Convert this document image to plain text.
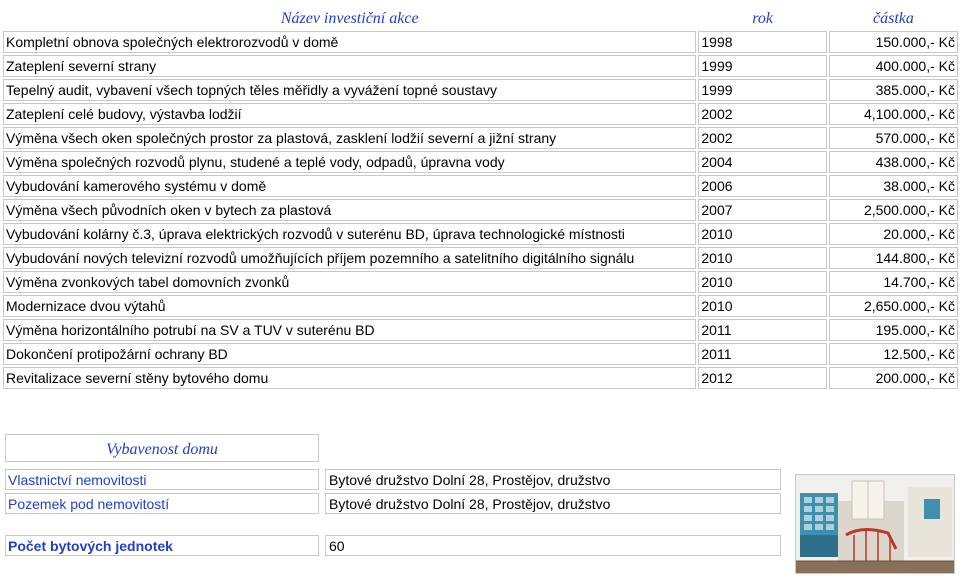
Název investiční akce	rok	částka
Kompletní obnova společných elektrorozvodů v domě	1998	150.000,- Kč
Zateplení severní strany	1999	400.000,- Kč
Tepelný audit, vybavení všech topných těles měřidly a vyvážení topné soustavy	1999	385.000,- Kč
Zateplení celé budovy, výstavba lodžií	2002	4,100.000,- Kč
Výměna všech oken společných prostor za plastová, zasklení lodžií severní a jižní strany	2002	570.000,- Kč
Výměna společných rozvodů plynu, studené a teplé vody, odpadů, úpravna vody	2004	438.000,- Kč
Vybudování kamerového systému v domě	2006	38.000,- Kč
Výměna všech původních oken v bytech za plastová	2007	2,500.000,- Kč
Vybudování kolárny č.3, úprava elektrických rozvodů v suterénu BD, úprava technologické místnosti	2010	20.000,- Kč
Vybudování nových televizní rozvodů umožňujících příjem pozemního a satelitního digitálního signálu	2010	144.800,- Kč
Výměna zvonkových tabel domovních zvonků	2010	14.700,- Kč
Modernizace dvou výtahů	2010	2,650.000,- Kč
Výměna horizontálního potrubí na SV a TUV v suterénu BD	2011	195.000,- Kč
Dokončení protipožární ochrany BD	2011	12.500,- Kč
Revitalizace severní stěny bytového domu	2012	200.000,- Kč
Vybavenost domu
Vlastnictví nemovitosti	Bytové družstvo Dolní 28, Prostějov, družstvo
Pozemek pod nemovitostí	Bytové družstvo Dolní 28, Prostějov, družstvo
Počet bytových jednotek	60
